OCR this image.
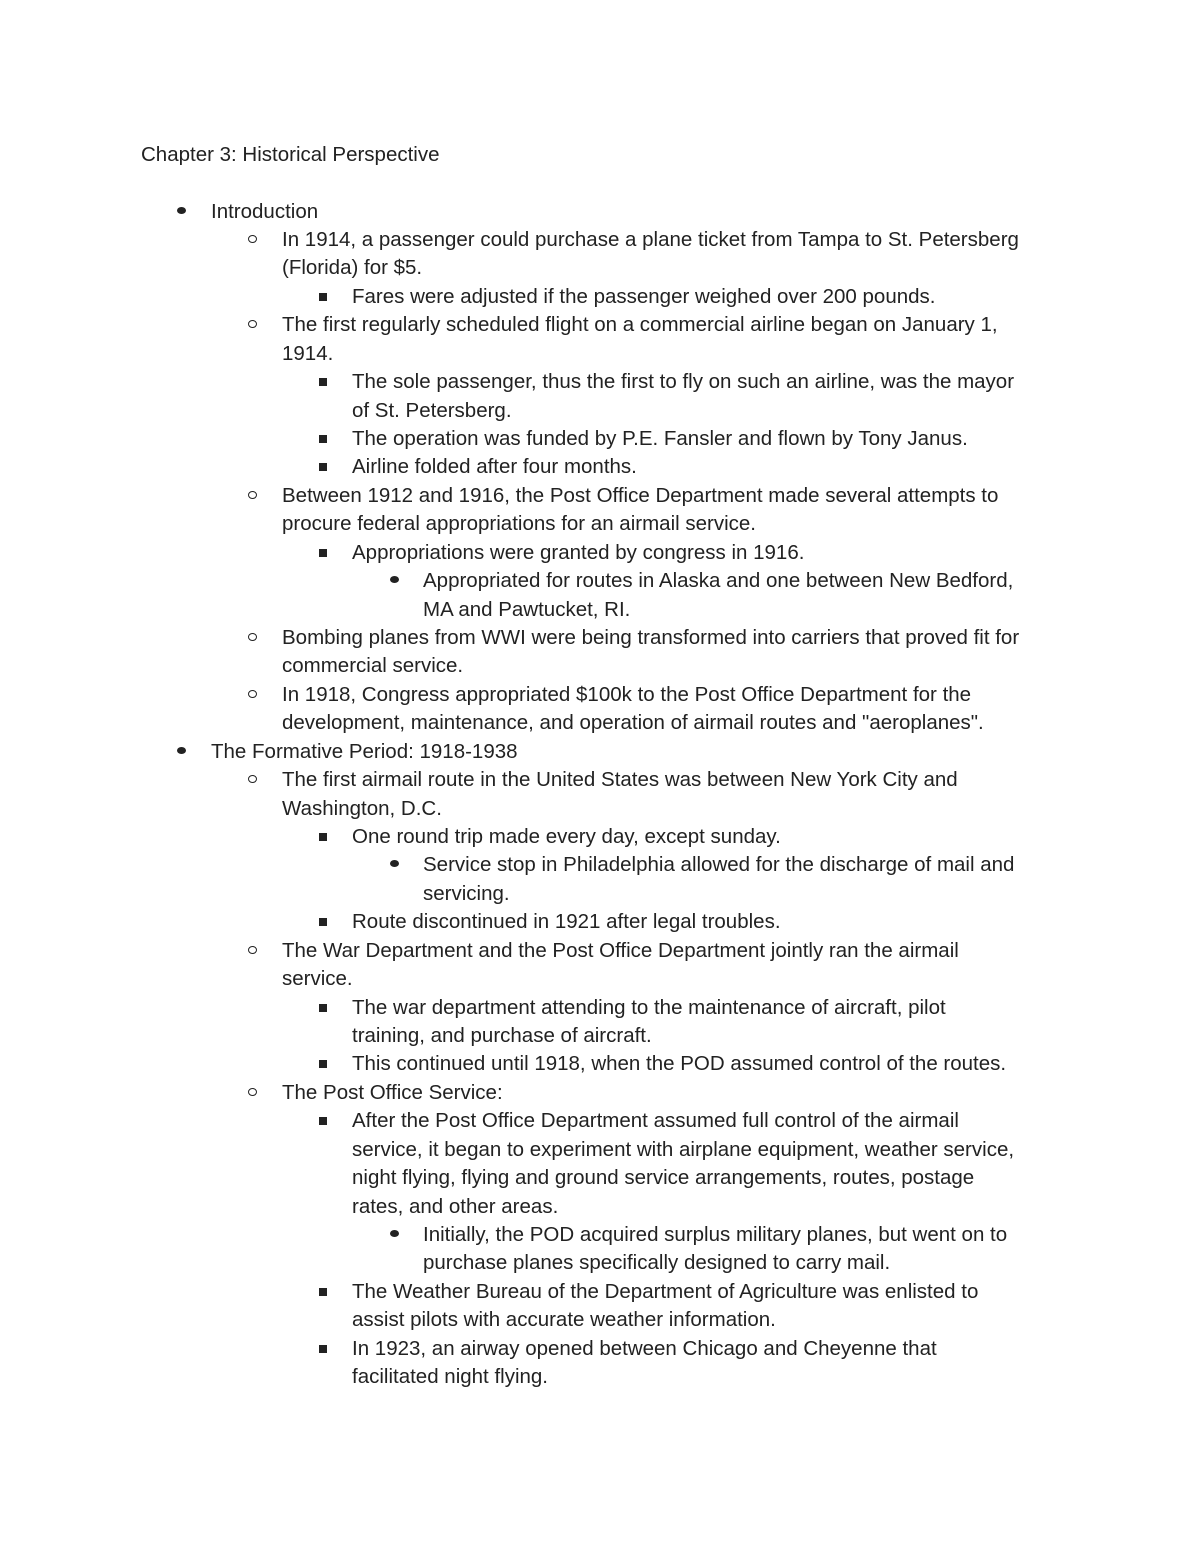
Chapter 3: Historical Perspective
Introduction
In 1914, a passenger could purchase a plane ticket from Tampa to St. Petersberg
(Florida) for $5.
Fares were adjusted if the passenger weighed over 200 pounds.
The first regularly scheduled flight on a commercial airline began on January 1,
1914.
The sole passenger, thus the first to fly on such an airline, was the mayor
of St. Petersberg.
The operation was funded by P.E. Fansler and flown by Tony Janus.
Airline folded after four months.
Between 1912 and 1916, the Post Office Department made several attempts to
procure federal appropriations for an airmail service.
Appropriations were granted by congress in 1916.
Appropriated for routes in Alaska and one between New Bedford,
MA and Pawtucket, RI.
Bombing planes from WWI were being transformed into carriers that proved fit for
commercial service.
In 1918, Congress appropriated $100k to the Post Office Department for the
development, maintenance, and operation of airmail routes and "aeroplanes".
The Formative Period: 1918-1938
The first airmail route in the United States was between New York City and
Washington, D.C.
One round trip made every day, except sunday.
Service stop in Philadelphia allowed for the discharge of mail and
servicing.
Route discontinued in 1921 after legal troubles.
The War Department and the Post Office Department jointly ran the airmail
service.
The war department attending to the maintenance of aircraft, pilot
training, and purchase of aircraft.
This continued until 1918, when the POD assumed control of the routes.
The Post Office Service:
After the Post Office Department assumed full control of the airmail
service, it began to experiment with airplane equipment, weather service,
night flying, flying and ground service arrangements, routes, postage
rates, and other areas.
Initially, the POD acquired surplus military planes, but went on to
purchase planes specifically designed to carry mail.
The Weather Bureau of the Department of Agriculture was enlisted to
assist pilots with accurate weather information.
In 1923, an airway opened between Chicago and Cheyenne that
facilitated night flying.
